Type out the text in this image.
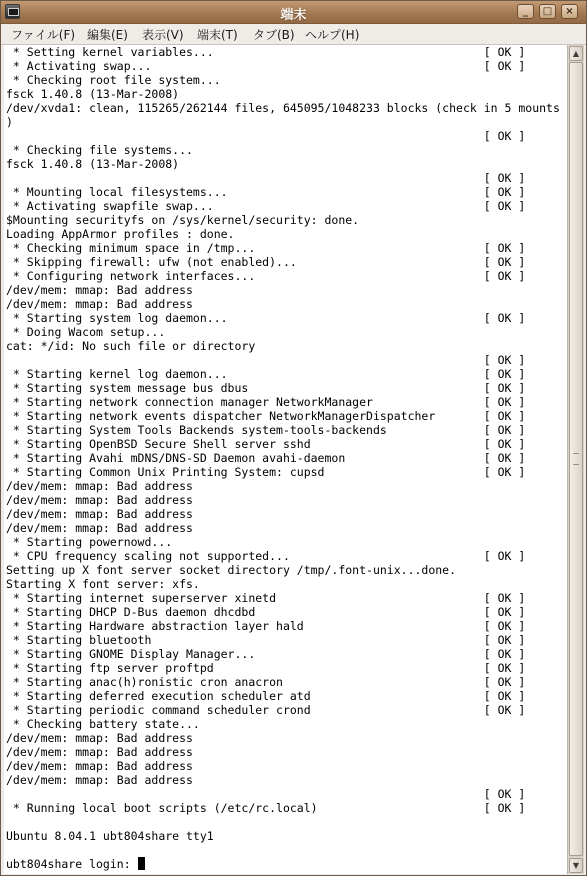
端末	_	□	×
ファイル(F) 編集(E) 表示(V) 端末(T) タブ(B) ヘルプ(H)
* Setting kernel variables...                                       [ OK ]
* Activating swap...                                                [ OK ]
* Checking root file system...
fsck 1.40.8 (13-Mar-2008)
/dev/xvda1: clean, 115265/262144 files, 645095/1048233 blocks (check in 5 mounts
)
[ OK ]
* Checking file systems...
fsck 1.40.8 (13-Mar-2008)
[ OK ]
* Mounting local filesystems...                                     [ OK ]
* Activating swapfile swap...                                       [ OK ]
$Mounting securityfs on /sys/kernel/security: done.
Loading AppArmor profiles : done.
* Checking minimum space in /tmp...                                 [ OK ]
* Skipping firewall: ufw (not enabled)...                           [ OK ]
* Configuring network interfaces...                                 [ OK ]
/dev/mem: mmap: Bad address
/dev/mem: mmap: Bad address
* Starting system log daemon...                                     [ OK ]
* Doing Wacom setup...
cat: */id: No such file or directory
[ OK ]
* Starting kernel log daemon...                                     [ OK ]
* Starting system message bus dbus                                  [ OK ]
* Starting network connection manager NetworkManager                [ OK ]
* Starting network events dispatcher NetworkManagerDispatcher       [ OK ]
* Starting System Tools Backends system-tools-backends              [ OK ]
* Starting OpenBSD Secure Shell server sshd                         [ OK ]
* Starting Avahi mDNS/DNS-SD Daemon avahi-daemon                    [ OK ]
* Starting Common Unix Printing System: cupsd                       [ OK ]
/dev/mem: mmap: Bad address
/dev/mem: mmap: Bad address
/dev/mem: mmap: Bad address
/dev/mem: mmap: Bad address
* Starting powernowd...
* CPU frequency scaling not supported...                            [ OK ]
Setting up X font server socket directory /tmp/.font-unix...done.
Starting X font server: xfs.
* Starting internet superserver xinetd                              [ OK ]
* Starting DHCP D-Bus daemon dhcdbd                                 [ OK ]
* Starting Hardware abstraction layer hald                          [ OK ]
* Starting bluetooth                                                [ OK ]
* Starting GNOME Display Manager...                                 [ OK ]
* Starting ftp server proftpd                                       [ OK ]
* Starting anac(h)ronistic cron anacron                             [ OK ]
* Starting deferred execution scheduler atd                         [ OK ]
* Starting periodic command scheduler crond                         [ OK ]
* Checking battery state...
/dev/mem: mmap: Bad address
/dev/mem: mmap: Bad address
/dev/mem: mmap: Bad address
/dev/mem: mmap: Bad address
[ OK ]
* Running local boot scripts (/etc/rc.local)                        [ OK ]

Ubuntu 8.04.1 ubt804share tty1

ubt804share login:
▲
▼
